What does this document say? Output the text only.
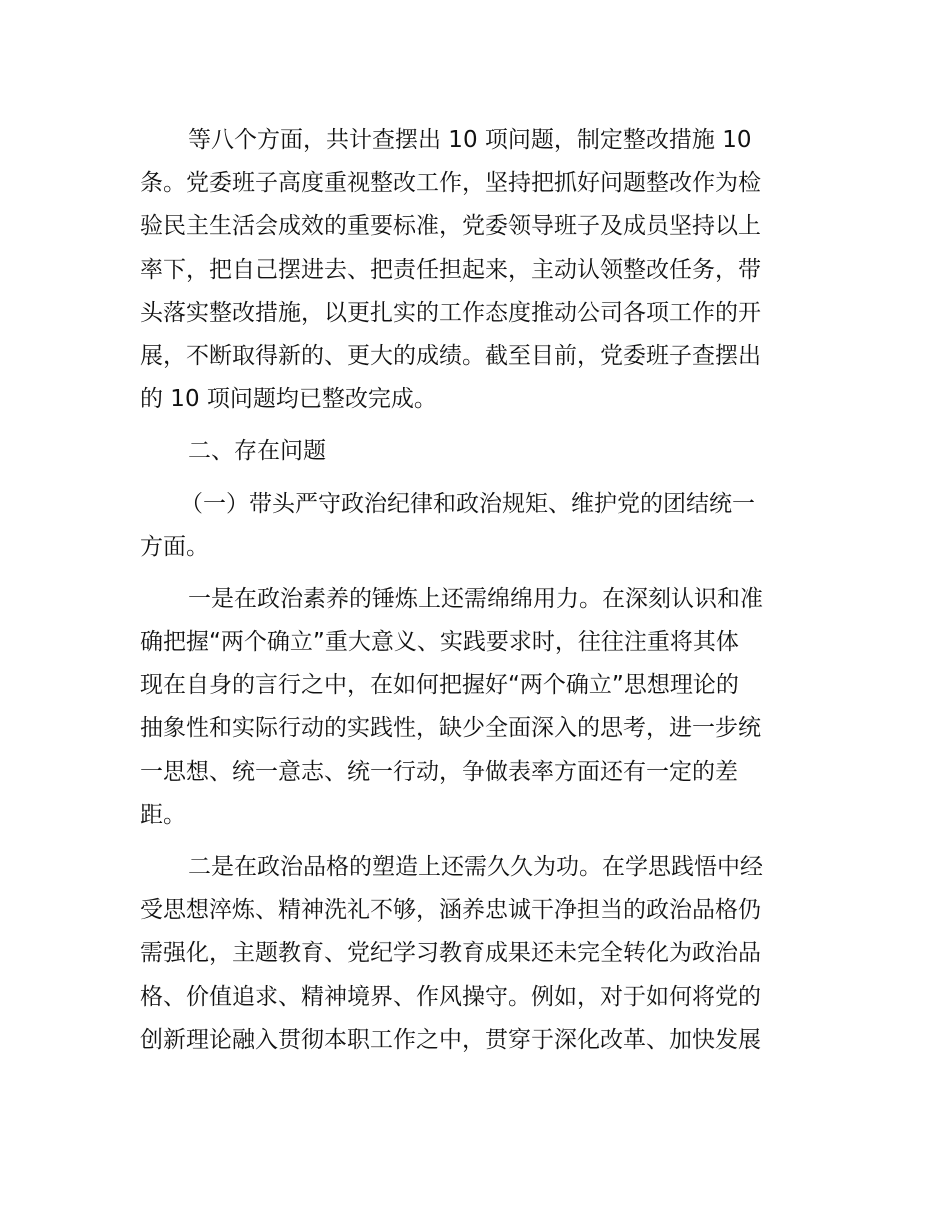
等八个方面，共计查摆出 10 项问题，制定整改措施 10
条。党委班子高度重视整改工作，坚持把抓好问题整改作为检
验民主生活会成效的重要标准，党委领导班子及成员坚持以上
率下，把自己摆进去、把责任担起来，主动认领整改任务，带
头落实整改措施，以更扎实的工作态度推动公司各项工作的开
展，不断取得新的、更大的成绩。截至目前，党委班子查摆出
的 10 项问题均已整改完成。
二、存在问题
（一）带头严守政治纪律和政治规矩、维护党的团结统一
方面。
一是在政治素养的锤炼上还需绵绵用力。在深刻认识和准
确把握“两个确立”重大意义、实践要求时，往往注重将其体
现在自身的言行之中，在如何把握好“两个确立”思想理论的
抽象性和实际行动的实践性，缺少全面深入的思考，进一步统
一思想、统一意志、统一行动，争做表率方面还有一定的差
距。
二是在政治品格的塑造上还需久久为功。在学思践悟中经
受思想淬炼、精神洗礼不够，涵养忠诚干净担当的政治品格仍
需强化，主题教育、党纪学习教育成果还未完全转化为政治品
格、价值追求、精神境界、作风操守。例如，对于如何将党的
创新理论融入贯彻本职工作之中，贯穿于深化改革、加快发展
